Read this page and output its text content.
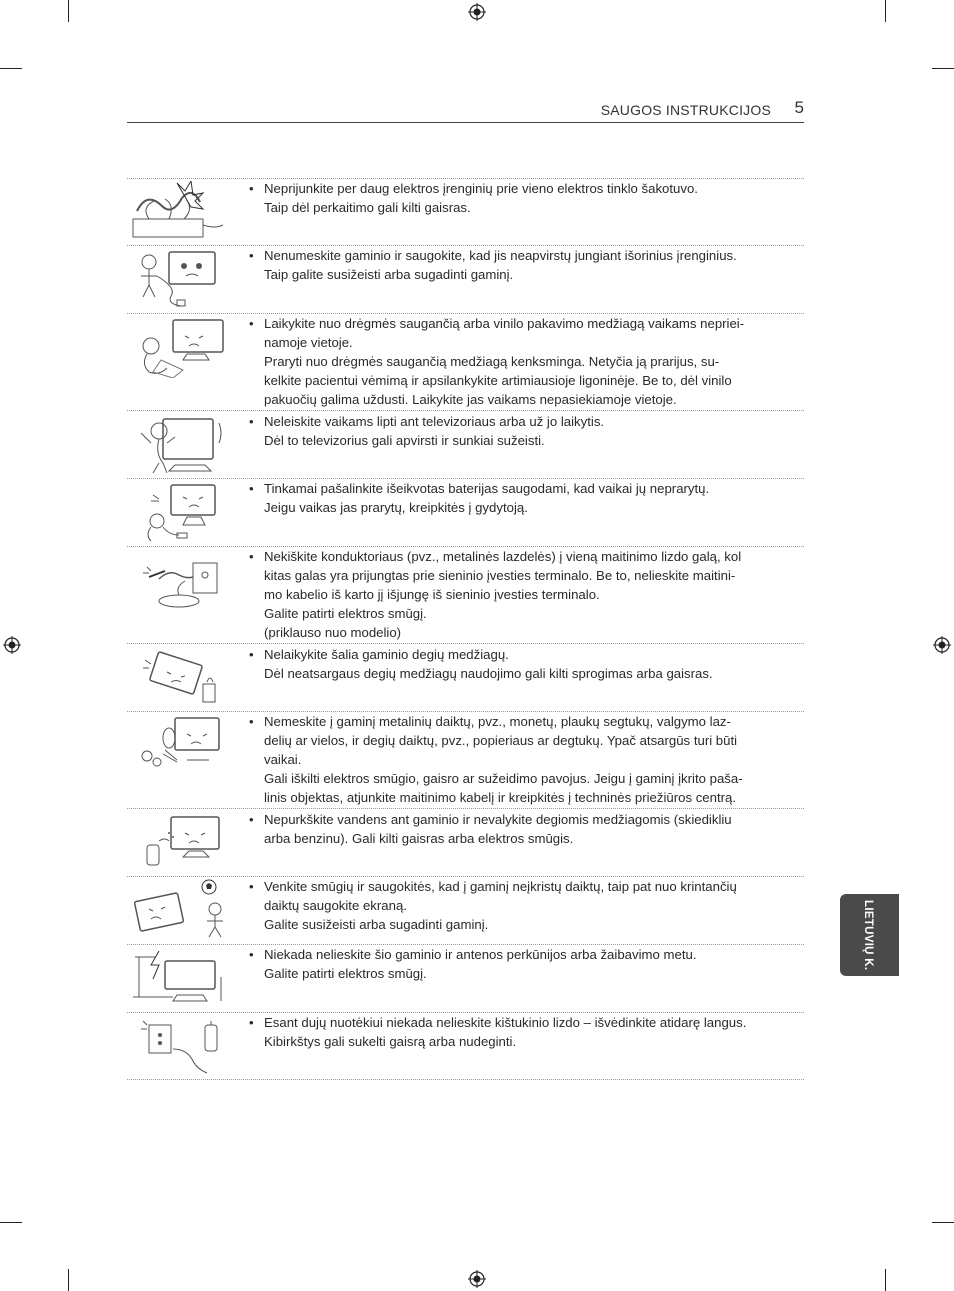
SAUGOS INSTRUKCIJOS 5
• Neprijunkite per daug elektros įrenginių prie vieno elektros tinklo šakotuvo.
Taip dėl perkaitimo gali kilti gaisras.
• Nenumeskite gaminio ir saugokite, kad jis neapvirstų jungiant išorinius įrenginius.
Taip galite susižeisti arba sugadinti gaminį.
• Laikykite nuo drėgmės saugančią arba vinilo pakavimo medžiagą vaikams nepriei-
namoje vietoje.
Praryti nuo drėgmės saugančią medžiagą kenksminga. Netyčia ją prarijus, su-
kelkite pacientui vėmimą ir apsilankykite artimiausioje ligoninėje. Be to, dėl vinilo
pakuočių galima uždusti. Laikykite jas vaikams nepasiekiamoje vietoje.
• Neleiskite vaikams lipti ant televizoriaus arba už jo laikytis.
Dėl to televizorius gali apvirsti ir sunkiai sužeisti.
• Tinkamai pašalinkite išeikvotas baterijas saugodami, kad vaikai jų neprarytų.
Jeigu vaikas jas prarytų, kreipkitės į gydytoją.
• Nekiškite konduktoriaus (pvz., metalinės lazdelės) į vieną maitinimo lizdo galą, kol
kitas galas yra prijungtas prie sieninio įvesties terminalo. Be to, nelieskite maitini-
mo kabelio iš karto jį išjungę iš sieninio įvesties terminalo.
Galite patirti elektros smūgį.
(priklauso nuo modelio)
• Nelaikykite šalia gaminio degių medžiagų.
Dėl neatsargaus degių medžiagų naudojimo gali kilti sprogimas arba gaisras.
• Nemeskite į gaminį metalinių daiktų, pvz., monetų, plaukų segtukų, valgymo laz-
delių ar vielos, ir degių daiktų, pvz., popieriaus ar degtukų. Ypač atsargūs turi būti
vaikai.
Gali iškilti elektros smūgio, gaisro ar sužeidimo pavojus. Jeigu į gaminį įkrito paša-
linis objektas, atjunkite maitinimo kabelį ir kreipkitės į techninės priežiūros centrą.
• Nepurkškite vandens ant gaminio ir nevalykite degiomis medžiagomis (skiedikliu
arba benzinu). Gali kilti gaisras arba elektros smūgis.
• Venkite smūgių ir saugokitės, kad į gaminį neįkristų daiktų, taip pat nuo krintančių
daiktų saugokite ekraną.
Galite susižeisti arba sugadinti gaminį.
• Niekada nelieskite šio gaminio ir antenos perkūnijos arba žaibavimo metu.
Galite patirti elektros smūgį.
• Esant dujų nuotėkiui niekada nelieskite kištukinio lizdo – išvėdinkite atidarę langus.
Kibirkštys gali sukelti gaisrą arba nudeginti.
LIETUVIŲ K.
